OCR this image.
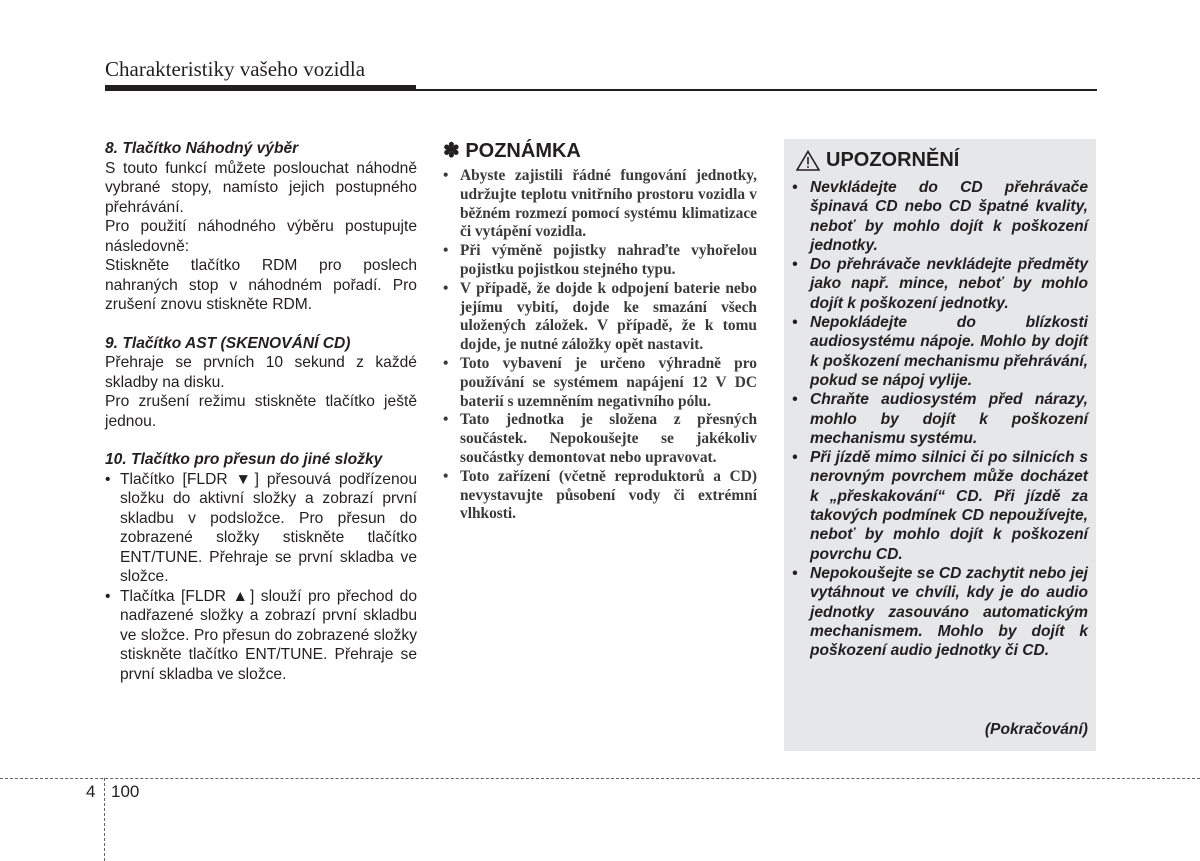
Charakteristiky vašeho vozidla

8. Tlačítko Náhodný výběr

S touto funkcí můžete poslouchat náhodně vybrané stopy, namísto jejich postupného přehrávání.

Pro použití náhodného výběru postupujte následovně:

Stiskněte tlačítko RDM pro poslech nahraných stop v náhodném pořadí. Pro zrušení znovu stiskněte RDM.

9. Tlačítko AST (SKENOVÁNÍ CD)

Přehraje se prvních 10 sekund z každé skladby na disku.

Pro zrušení režimu stiskněte tlačítko ještě jednou.

10. Tlačítko pro přesun do jiné složky

• Tlačítko [FLDR ▼] přesouvá podřízenou složku do aktivní složky a zobrazí první skladbu v podsložce. Pro přesun do zobrazené složky stiskněte tlačítko ENT/TUNE. Přehraje se první skladba ve složce.
• Tlačítka [FLDR ▲] slouží pro přechod do nadřazené složky a zobrazí první skladbu ve složce. Pro přesun do zobrazené složky stiskněte tlačítko ENT/TUNE. Přehraje se první skladba ve složce.

✽ POZNÁMKA

• Abyste zajistili řádné fungování jednotky, udržujte teplotu vnitřního prostoru vozidla v běžném rozmezí pomocí systému klimatizace či vytápění vozidla.
• Při výměně pojistky nahraďte vyhořelou pojistku pojistkou stejného typu.
• V případě, že dojde k odpojení baterie nebo jejímu vybití, dojde ke smazání všech uložených záložek. V případě, že k tomu dojde, je nutné záložky opět nastavit.
• Toto vybavení je určeno výhradně pro používání se systémem napájení 12 V DC baterií s uzemněním negativního pólu.
• Tato jednotka je složena z přesných součástek. Nepokoušejte se jakékoliv součástky demontovat nebo upravovat.
• Toto zařízení (včetně reproduktorů a CD) nevystavujte působení vody či extrémní vlhkosti.
UPOZORNĚNÍ
• Nevkládejte do CD přehrávače špinavá CD nebo CD špatné kvality, neboť by mohlo dojít k poškození jednotky.
• Do přehrávače nevkládejte předměty jako např. mince, neboť by mohlo dojít k poškození jednotky.
• Nepokládejte do blízkosti audiosystému nápoje. Mohlo by dojít k poškození mechanismu přehrávání, pokud se nápoj vylije.
• Chraňte audiosystém před nárazy, mohlo by dojít k poškození mechanismu systému.
• Při jízdě mimo silnici či po silnicích s nerovným povrchem může docházet k „přeskakování“ CD. Při jízdě za takových podmínek CD nepoužívejte, neboť by mohlo dojít k poškození povrchu CD.
• Nepokoušejte se CD zachytit nebo jej vytáhnout ve chvíli, kdy je do audio jednotky zasouváno automatickým mechanismem. Mohlo by dojít k poškození audio jednotky či CD.
(Pokračování)
4 100
